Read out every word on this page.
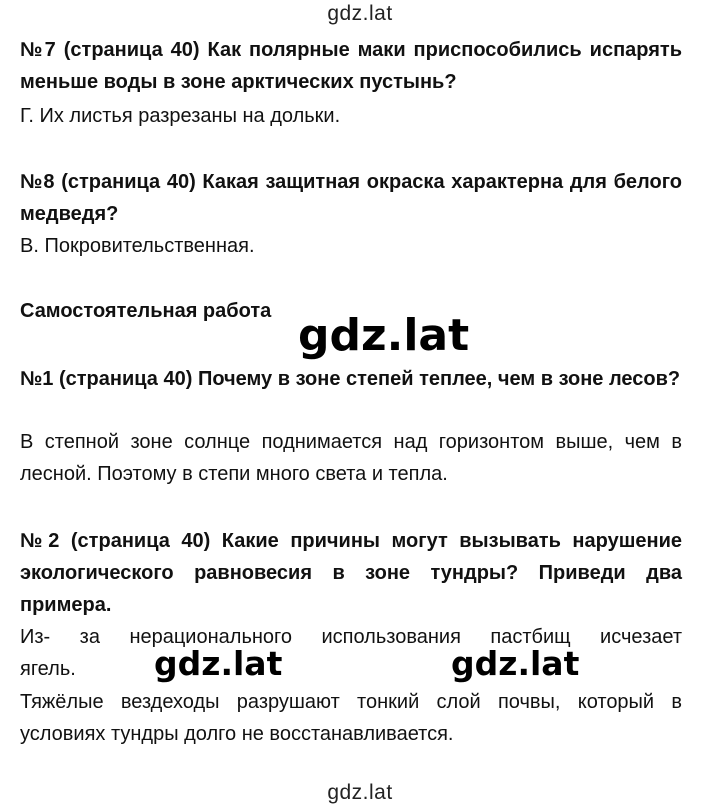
gdz.lat
№7 (страница 40) Как полярные маки приспособились испарять меньше воды в зоне арктических пустынь?
Г. Их листья разрезаны на дольки.
№8 (страница 40) Какая защитная окраска характерна для белого медведя?
В. Покровительственная.
Самостоятельная работа gdz.lat
№1 (страница 40) Почему в зоне степей теплее, чем в зоне лесов?
В степной зоне солнце поднимается над горизонтом выше, чем в лесной. Поэтому в степи много света и тепла.
№2 (страница 40) Какие причины могут вызывать нарушение экологического равновесия в зоне тундры? Приведи два примера.
Из- за нерационального использования пастбищ исчезает
ягель. gdz.lat	gdz.lat
Тяжёлые вездеходы разрушают тонкий слой почвы, который в условиях тундры долго не восстанавливается.
gdz.lat
